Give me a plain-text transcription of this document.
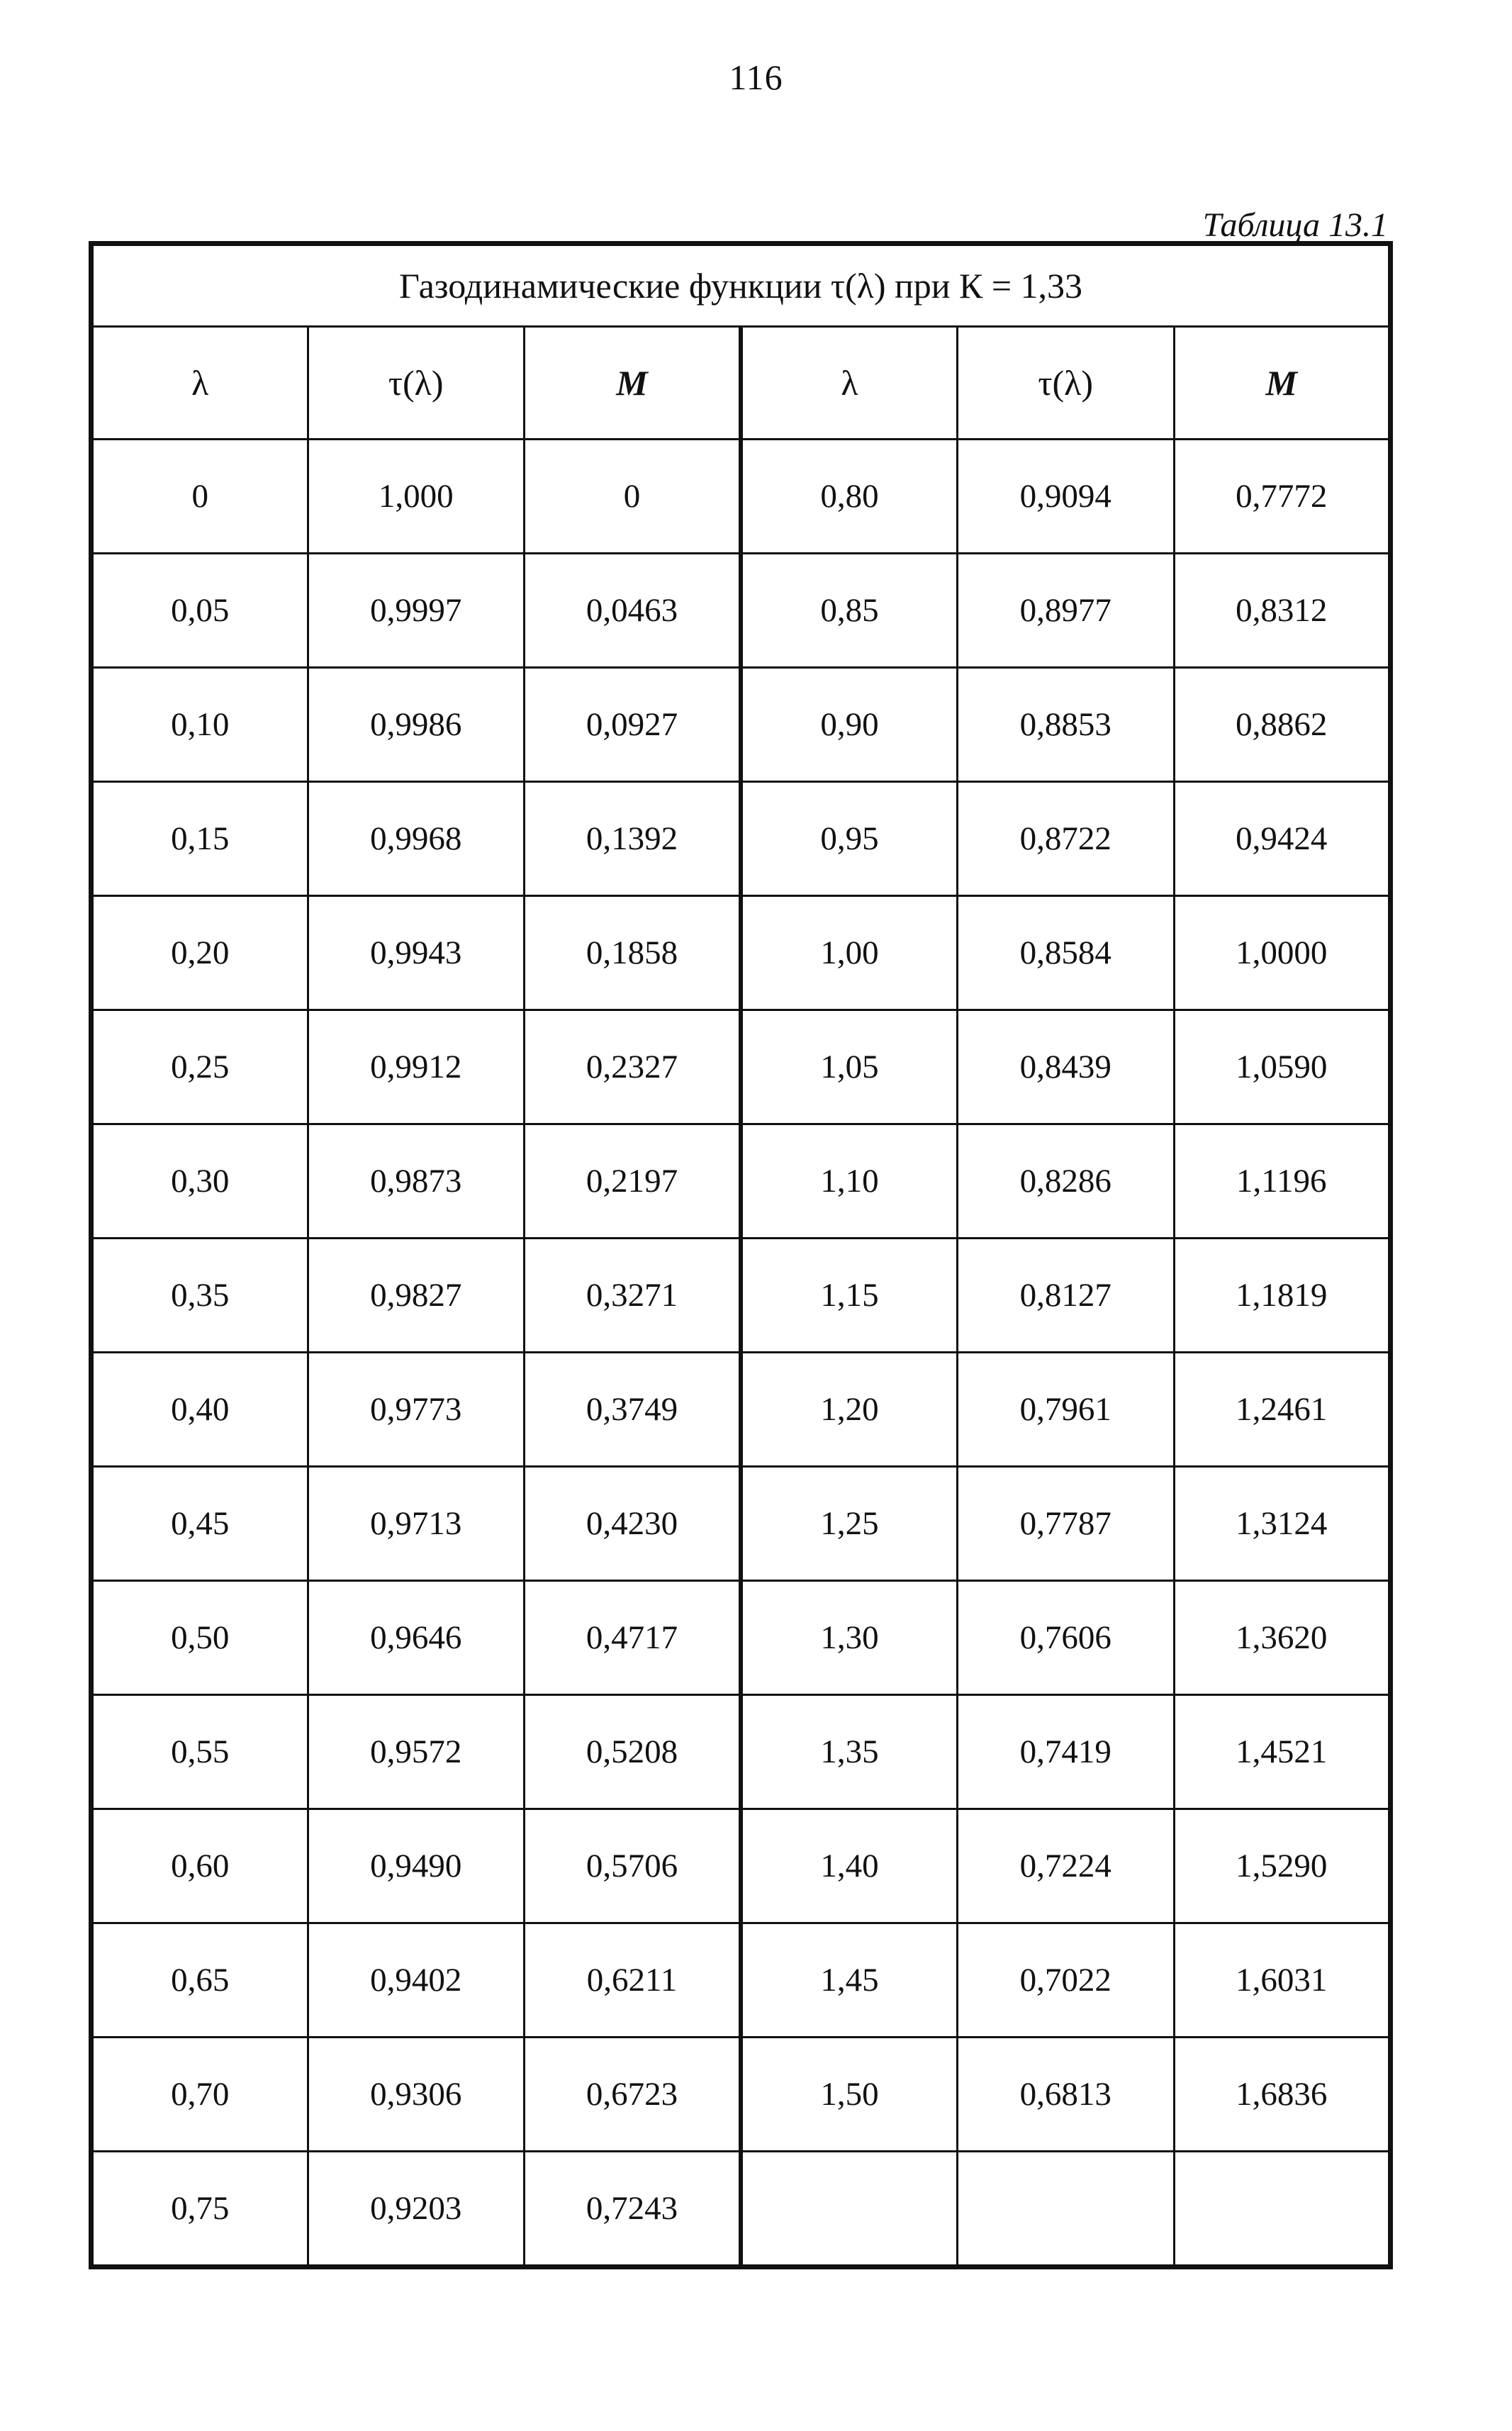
116
Таблица 13.1
Газодинамические функции τ(λ) при К = 1,33					
λ	τ(λ)	M	λ	τ(λ)	M
0	1,000	0	0,80	0,9094	0,7772
0,05	0,9997	0,0463	0,85	0,8977	0,8312
0,10	0,9986	0,0927	0,90	0,8853	0,8862
0,15	0,9968	0,1392	0,95	0,8722	0,9424
0,20	0,9943	0,1858	1,00	0,8584	1,0000
0,25	0,9912	0,2327	1,05	0,8439	1,0590
0,30	0,9873	0,2197	1,10	0,8286	1,1196
0,35	0,9827	0,3271	1,15	0,8127	1,1819
0,40	0,9773	0,3749	1,20	0,7961	1,2461
0,45	0,9713	0,4230	1,25	0,7787	1,3124
0,50	0,9646	0,4717	1,30	0,7606	1,3620
0,55	0,9572	0,5208	1,35	0,7419	1,4521
0,60	0,9490	0,5706	1,40	0,7224	1,5290
0,65	0,9402	0,6211	1,45	0,7022	1,6031
0,70	0,9306	0,6723	1,50	0,6813	1,6836
0,75	0,9203	0,7243			
